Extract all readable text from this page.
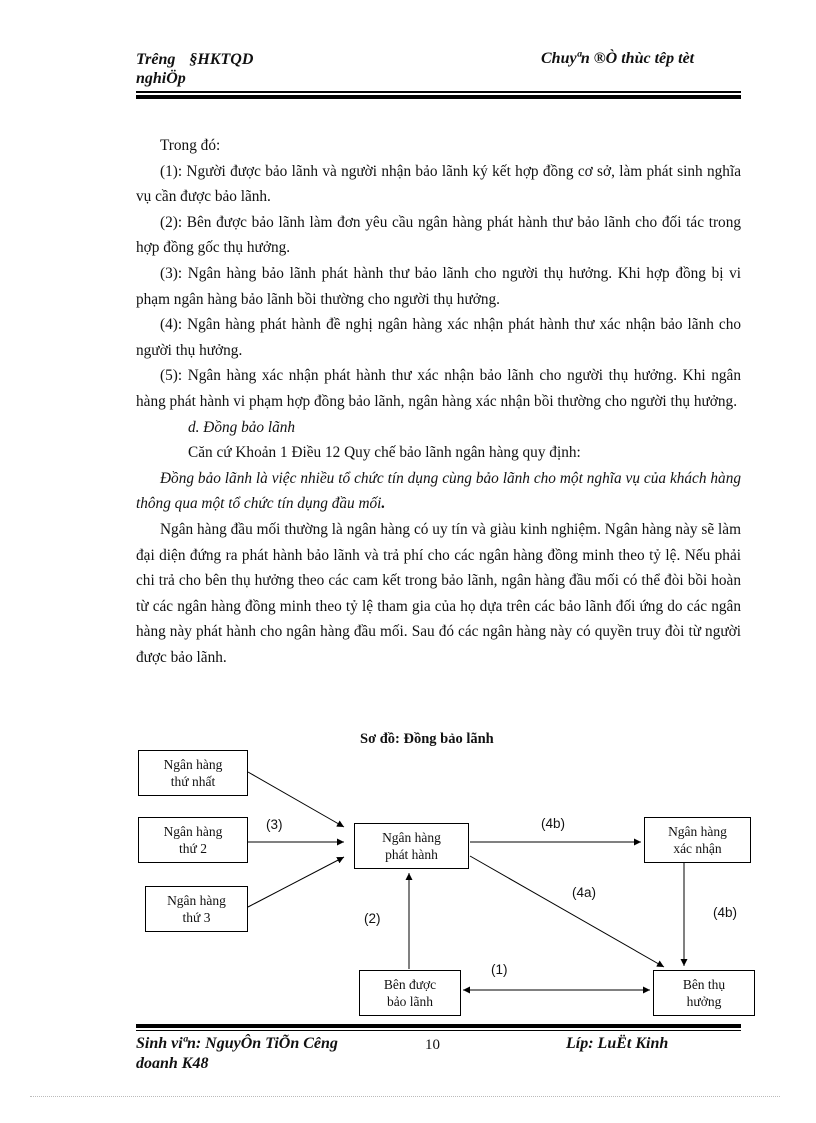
Trêng §HKTQD
nghiÖp
Chuyªn ®Ò thùc têp tèt

Trong đó:

(1): Người được bảo lãnh và người nhận bảo lãnh ký kết hợp đồng cơ sở, làm phát sinh nghĩa vụ cần được bảo lãnh.

(2): Bên được bảo lãnh làm đơn yêu cầu ngân hàng phát hành thư bảo lãnh cho đối tác trong hợp đồng gốc thụ hưởng.

(3): Ngân hàng bảo lãnh phát hành thư bảo lãnh cho người thụ hưởng. Khi hợp đồng bị vi phạm ngân hàng bảo lãnh bồi thường cho người thụ hưởng.

(4): Ngân hàng phát hành đề nghị ngân hàng xác nhận phát hành thư xác nhận bảo lãnh cho người thụ hưởng.

(5): Ngân hàng xác nhận phát hành thư xác nhận bảo lãnh cho người thụ hưởng. Khi ngân hàng phát hành vi phạm hợp đồng bảo lãnh, ngân hàng xác nhận bồi thường cho người thụ hưởng.

d. Đồng bảo lãnh

Căn cứ Khoản 1 Điều 12 Quy chế bảo lãnh ngân hàng quy định:

Đồng bảo lãnh là việc nhiều tổ chức tín dụng cùng bảo lãnh cho một nghĩa vụ của khách hàng thông qua một tổ chức tín dụng đầu mối.

Ngân hàng đầu mối thường là ngân hàng có uy tín và giàu kinh nghiệm. Ngân hàng này sẽ làm đại diện đứng ra phát hành bảo lãnh và trả phí cho các ngân hàng đồng minh theo tỷ lệ. Nếu phải chi trả cho bên thụ hưởng theo các cam kết trong bảo lãnh, ngân hàng đầu mối có thể đòi bồi hoàn từ các ngân hàng đồng minh theo tỷ lệ tham gia của họ dựa trên các bảo lãnh đối ứng do các ngân hàng này phát hành cho ngân hàng đầu mối. Sau đó các ngân hàng này có quyền truy đòi từ người được bảo lãnh.

Sơ đồ: Đồng bảo lãnh
Ngân hàng
thứ nhất
Ngân hàng
thứ 2
Ngân hàng
thứ 3
Ngân hàng
phát hành
Ngân hàng
xác nhận
Bên được
bảo lãnh
Bên thụ
hưởng
(3)	(4b)
(4a)
(4b)
(2)
(1)
Sinh viªn: NguyÔn TiÕn Cêng
doanh K48
10	Líp: LuËt Kinh
